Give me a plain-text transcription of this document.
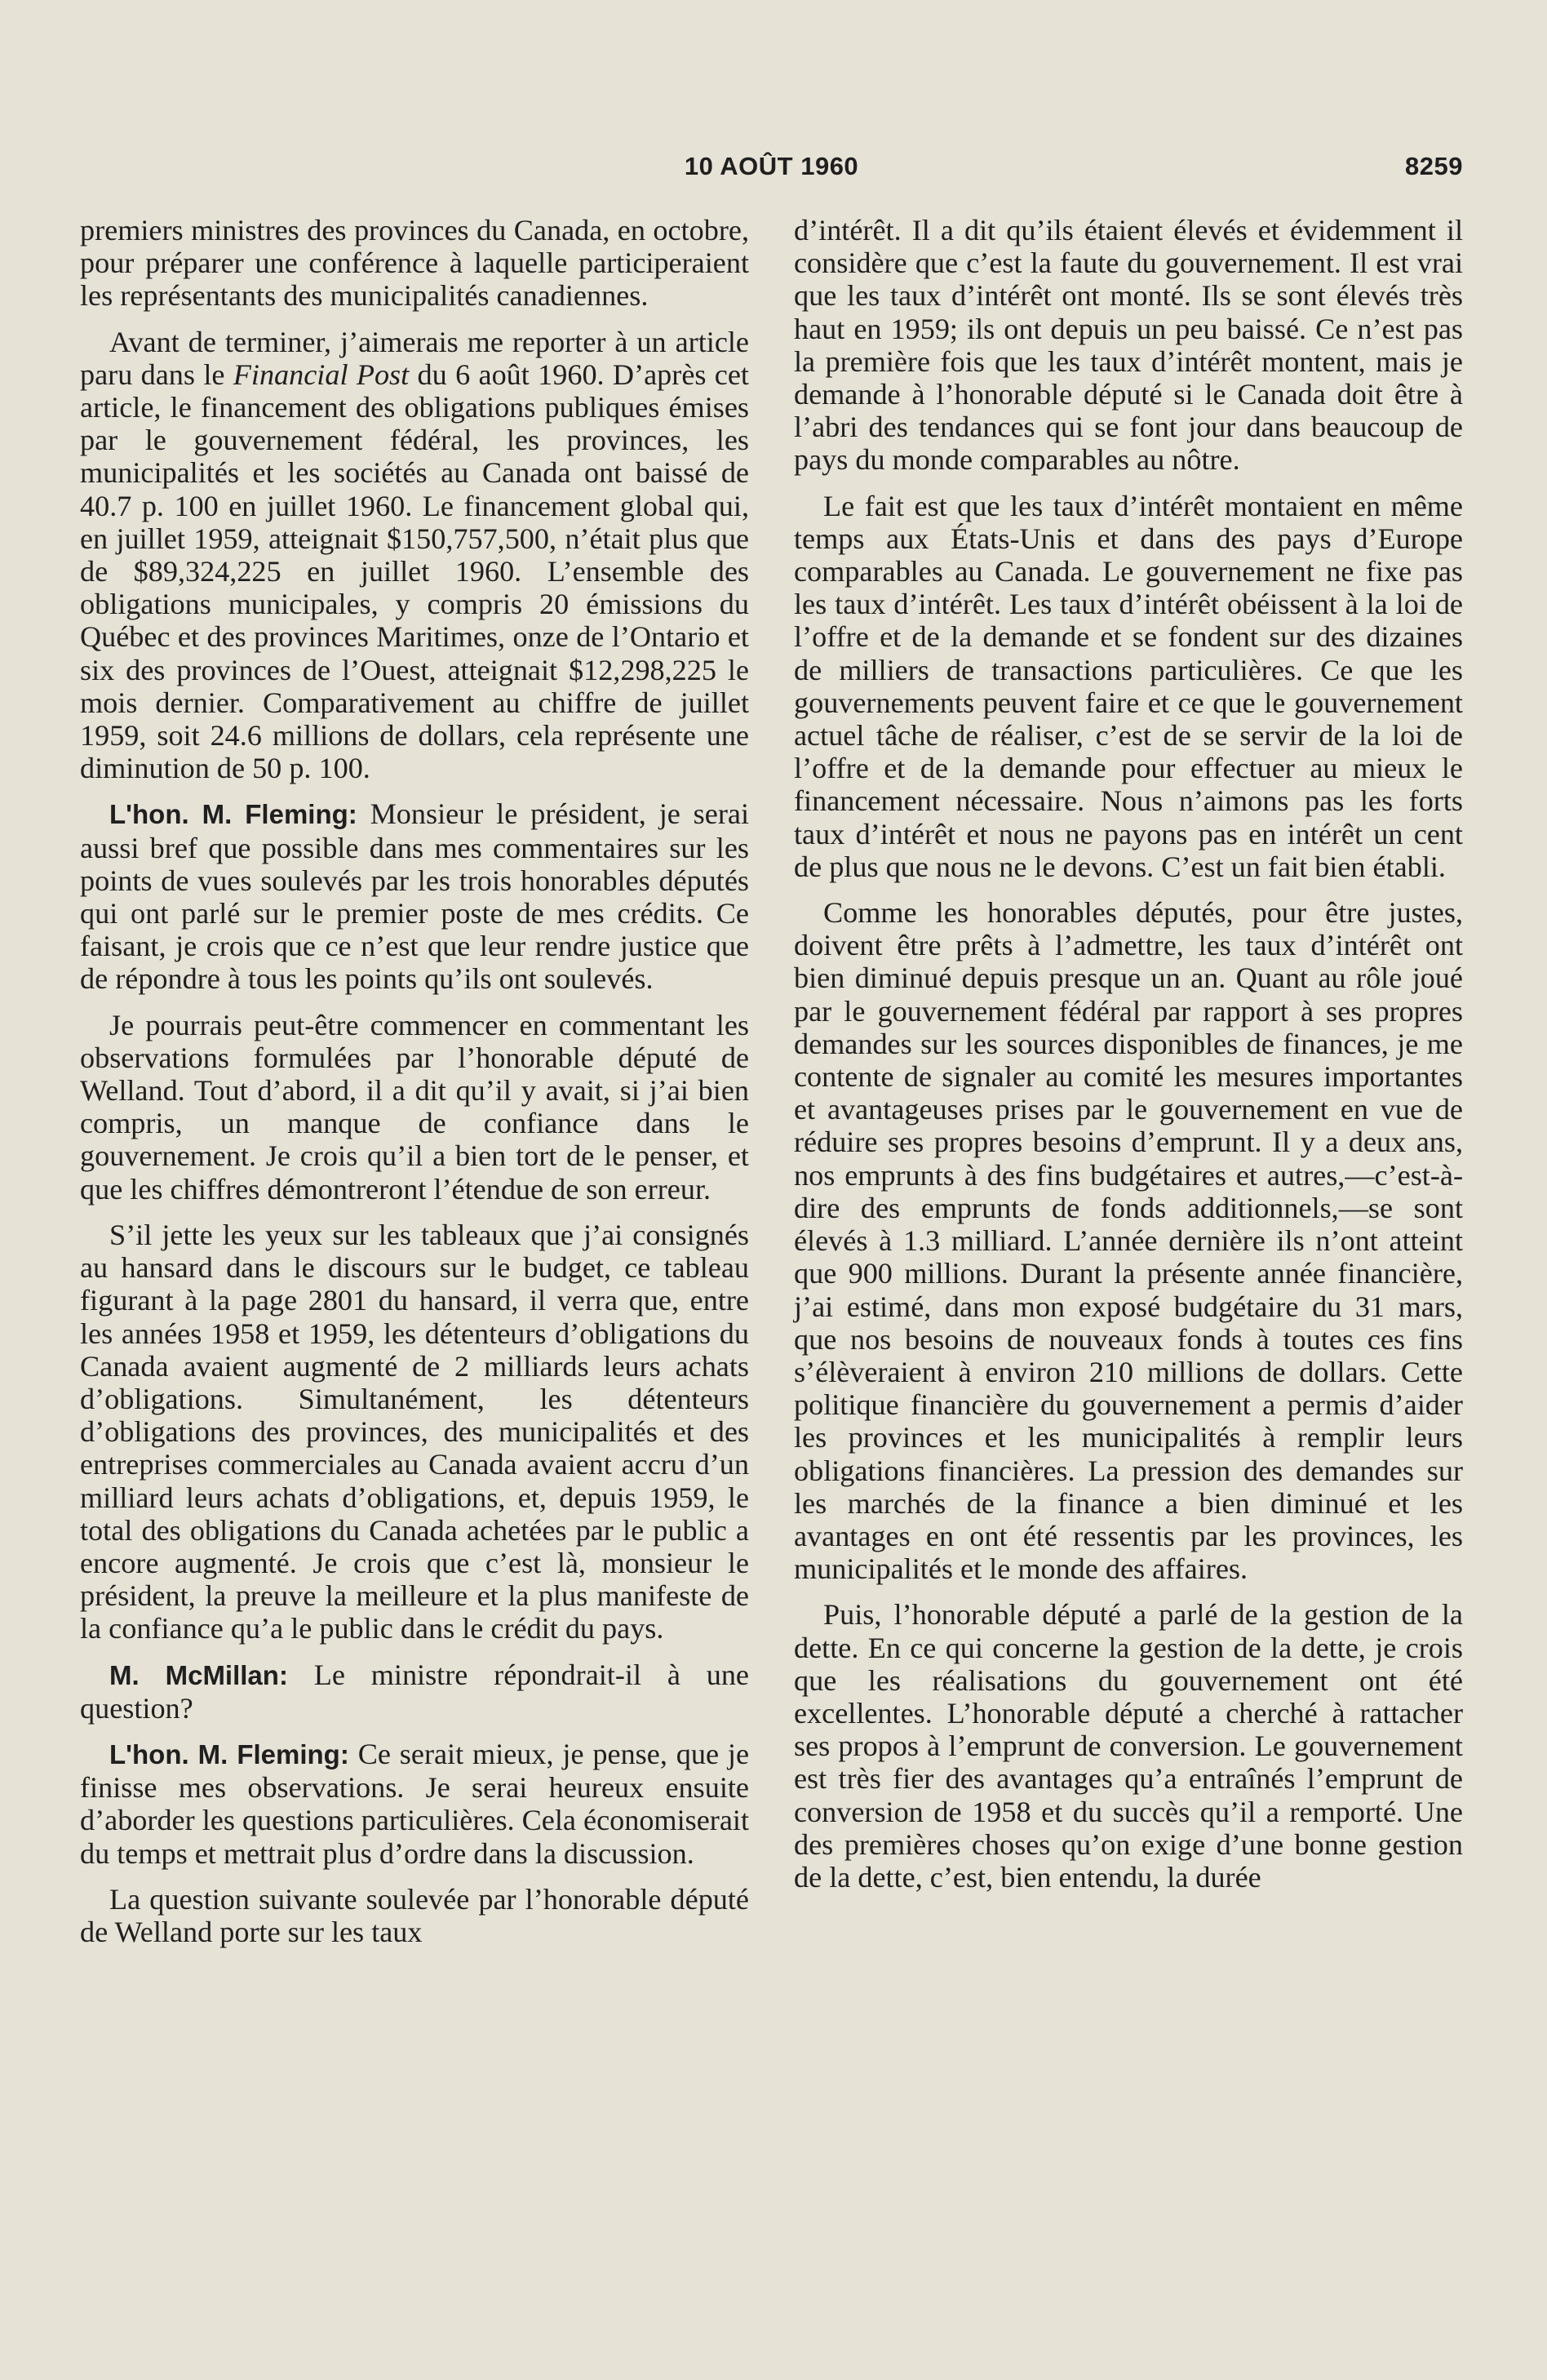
10 AOÛT 1960	8259

premiers ministres des provinces du Canada, en octobre, pour préparer une conférence à laquelle participeraient les représentants des municipalités canadiennes.

Avant de terminer, j’aimerais me reporter à un article paru dans le Financial Post du 6 août 1960. D’après cet article, le financement des obligations publiques émises par le gouvernement fédéral, les provinces, les municipalités et les sociétés au Canada ont baissé de 40.7 p. 100 en juillet 1960. Le financement global qui, en juillet 1959, atteignait $150,757,500, n’était plus que de $89,324,225 en juillet 1960. L’ensemble des obligations municipales, y compris 20 émissions du Québec et des provinces Maritimes, onze de l’Ontario et six des provinces de l’Ouest, atteignait $12,298,225 le mois dernier. Comparativement au chiffre de juillet 1959, soit 24.6 millions de dollars, cela représente une diminution de 50 p. 100.

L'hon. M. Fleming: Monsieur le président, je serai aussi bref que possible dans mes commentaires sur les points de vues soulevés par les trois honorables députés qui ont parlé sur le premier poste de mes crédits. Ce faisant, je crois que ce n’est que leur rendre justice que de répondre à tous les points qu’ils ont soulevés.

Je pourrais peut-être commencer en commentant les observations formulées par l’honorable député de Welland. Tout d’abord, il a dit qu’il y avait, si j’ai bien compris, un manque de confiance dans le gouvernement. Je crois qu’il a bien tort de le penser, et que les chiffres démontreront l’étendue de son erreur.

S’il jette les yeux sur les tableaux que j’ai consignés au hansard dans le discours sur le budget, ce tableau figurant à la page 2801 du hansard, il verra que, entre les années 1958 et 1959, les détenteurs d’obligations du Canada avaient augmenté de 2 milliards leurs achats d’obligations. Simultanément, les détenteurs d’obligations des provinces, des municipalités et des entreprises commerciales au Canada avaient accru d’un milliard leurs achats d’obligations, et, depuis 1959, le total des obligations du Canada achetées par le public a encore augmenté. Je crois que c’est là, monsieur le président, la preuve la meilleure et la plus manifeste de la confiance qu’a le public dans le crédit du pays.

M. McMillan: Le ministre répondrait-il à une question?

L'hon. M. Fleming: Ce serait mieux, je pense, que je finisse mes observations. Je serai heureux ensuite d’aborder les questions particulières. Cela économiserait du temps et mettrait plus d’ordre dans la discussion.

La question suivante soulevée par l’honorable député de Welland porte sur les taux

d’intérêt. Il a dit qu’ils étaient élevés et évidemment il considère que c’est la faute du gouvernement. Il est vrai que les taux d’intérêt ont monté. Ils se sont élevés très haut en 1959; ils ont depuis un peu baissé. Ce n’est pas la première fois que les taux d’intérêt montent, mais je demande à l’honorable député si le Canada doit être à l’abri des tendances qui se font jour dans beaucoup de pays du monde comparables au nôtre.

Le fait est que les taux d’intérêt montaient en même temps aux États-Unis et dans des pays d’Europe comparables au Canada. Le gouvernement ne fixe pas les taux d’intérêt. Les taux d’intérêt obéissent à la loi de l’offre et de la demande et se fondent sur des dizaines de milliers de transactions particulières. Ce que les gouvernements peuvent faire et ce que le gouvernement actuel tâche de réaliser, c’est de se servir de la loi de l’offre et de la demande pour effectuer au mieux le financement nécessaire. Nous n’aimons pas les forts taux d’intérêt et nous ne payons pas en intérêt un cent de plus que nous ne le devons. C’est un fait bien établi.

Comme les honorables députés, pour être justes, doivent être prêts à l’admettre, les taux d’intérêt ont bien diminué depuis presque un an. Quant au rôle joué par le gouvernement fédéral par rapport à ses propres demandes sur les sources disponibles de finances, je me contente de signaler au comité les mesures importantes et avantageuses prises par le gouvernement en vue de réduire ses propres besoins d’emprunt. Il y a deux ans, nos emprunts à des fins budgétaires et autres,—c’est-à-dire des emprunts de fonds additionnels,—se sont élevés à 1.3 milliard. L’année dernière ils n’ont atteint que 900 millions. Durant la présente année financière, j’ai estimé, dans mon exposé budgétaire du 31 mars, que nos besoins de nouveaux fonds à toutes ces fins s’élèveraient à environ 210 millions de dollars. Cette politique financière du gouvernement a permis d’aider les provinces et les municipalités à remplir leurs obligations financières. La pression des demandes sur les marchés de la finance a bien diminué et les avantages en ont été ressentis par les provinces, les municipalités et le monde des affaires.

Puis, l’honorable député a parlé de la gestion de la dette. En ce qui concerne la gestion de la dette, je crois que les réalisations du gouvernement ont été excellentes. L’honorable député a cherché à rattacher ses propos à l’emprunt de conversion. Le gouvernement est très fier des avantages qu’a entraînés l’emprunt de conversion de 1958 et du succès qu’il a remporté. Une des premières choses qu’on exige d’une bonne gestion de la dette, c’est, bien entendu, la durée
